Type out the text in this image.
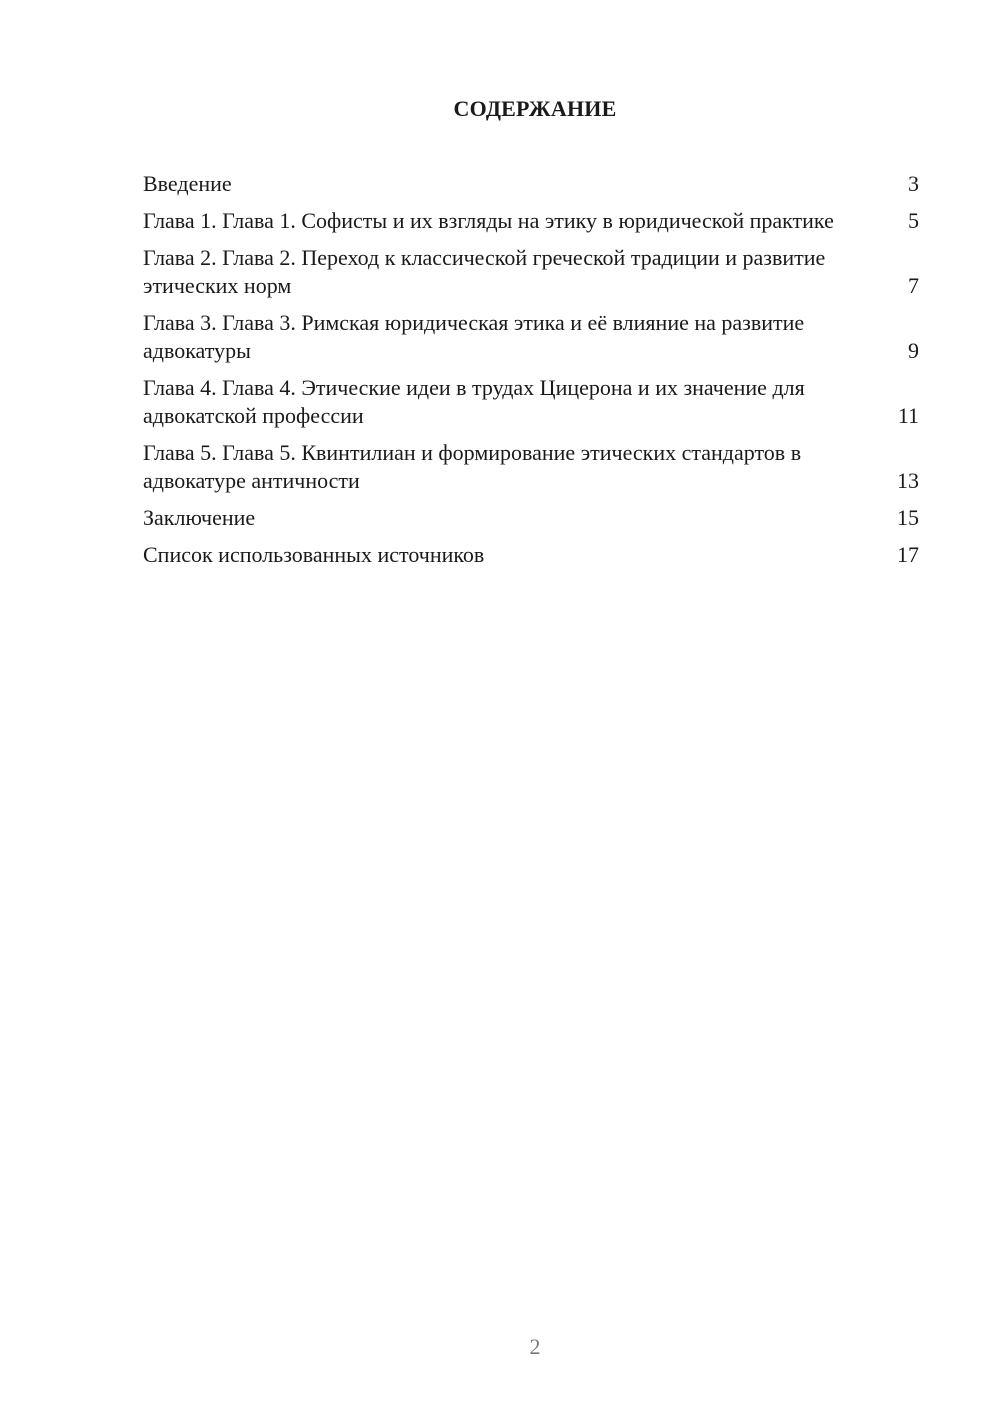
СОДЕРЖАНИЕ
Введение	3
Глава 1. Глава 1. Софисты и их взгляды на этику в юридической практике	5
Глава 2. Глава 2. Переход к классической греческой традиции и развитие этических норм	7
Глава 3. Глава 3. Римская юридическая этика и её влияние на развитие адвокатуры	9
Глава 4. Глава 4. Этические идеи в трудах Цицерона и их значение для адвокатской профессии	11
Глава 5. Глава 5. Квинтилиан и формирование этических стандартов в адвокатуре античности	13
Заключение	15
Список использованных источников	17
2
